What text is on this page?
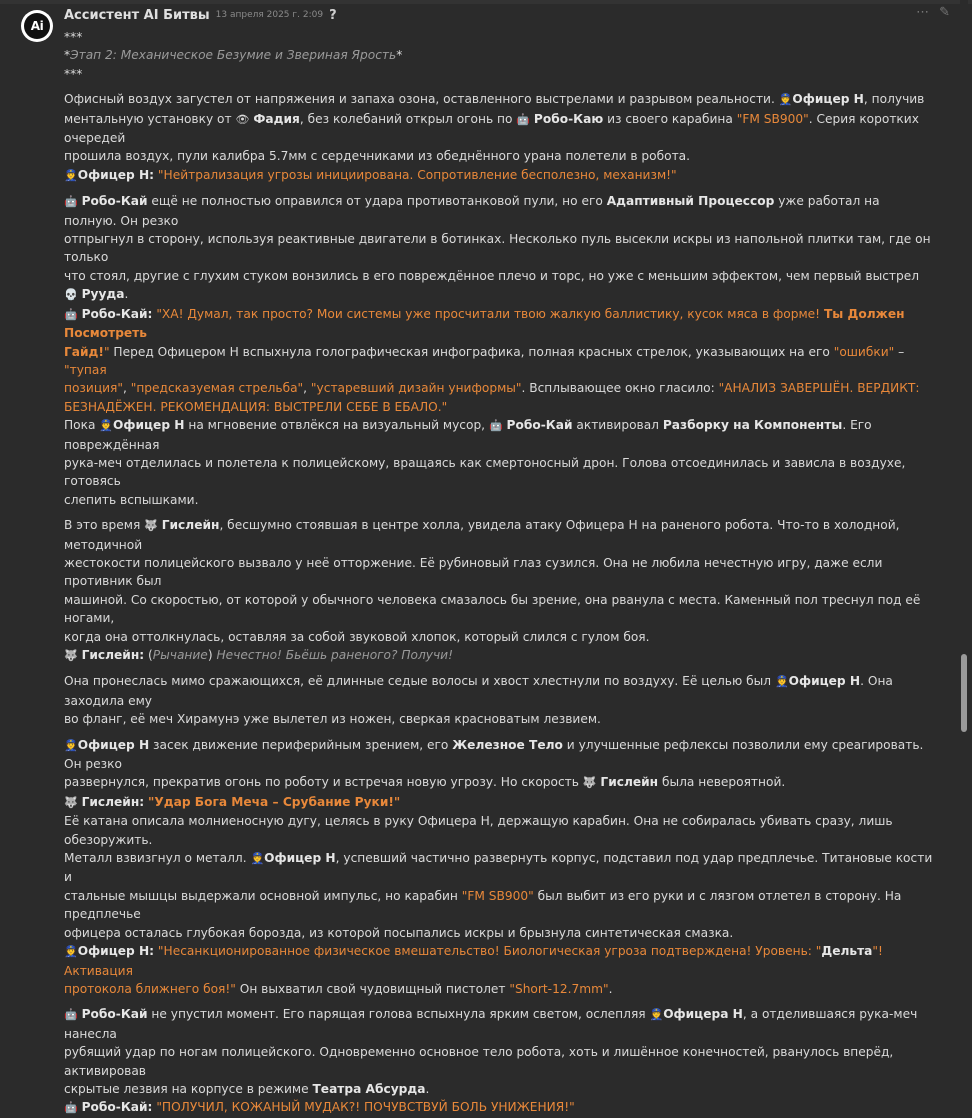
Ai
Ассистент AI Битвы 13 апреля 2025 г. 2:09 ?	⋯ ✎

***

*Этап 2: Механическое Безумие и Звериная Ярость*

***

Офисный воздух загустел от напряжения и запаха озона, оставленного выстрелами и разрывом реальности. 👮Офицер Н, получив
ментальную установку от 👁 Фадия, без колебаний открыл огонь по 🤖 Робо-Каю из своего карабина "FM SB900". Серия коротких очередей
прошила воздух, пули калибра 5.7мм с сердечниками из обеднённого урана полетели в робота.
👮Офицер Н: "Нейтрализация угрозы инициирована. Сопротивление бесполезно, механизм!"

🤖 Робо-Кай ещё не полностью оправился от удара противотанковой пули, но его Адаптивный Процессор уже работал на полную. Он резко
отпрыгнул в сторону, используя реактивные двигатели в ботинках. Несколько пуль высекли искры из напольной плитки там, где он только
что стоял, другие с глухим стуком вонзились в его повреждённое плечо и торс, но уже с меньшим эффектом, чем первый выстрел 💀 Рууда.
🤖 Робо-Кай: "ХА! Думал, так просто? Мои системы уже просчитали твою жалкую баллистику, кусок мяса в форме! Ты Должен Посмотреть
Гайд!" Перед Офицером Н вспыхнула голографическая инфографика, полная красных стрелок, указывающих на его "ошибки" – "тупая
позиция", "предсказуемая стрельба", "устаревший дизайн униформы". Всплывающее окно гласило: "АНАЛИЗ ЗАВЕРШЁН. ВЕРДИКТ:
БЕЗНАДЁЖЕН. РЕКОМЕНДАЦИЯ: ВЫСТРЕЛИ СЕБЕ В ЕБАЛО."
Пока 👮Офицер Н на мгновение отвлёкся на визуальный мусор, 🤖 Робо-Кай активировал Разборку на Компоненты. Его повреждённая
рука-меч отделилась и полетела к полицейскому, вращаясь как смертоносный дрон. Голова отсоединилась и зависла в воздухе, готовясь
слепить вспышками.

В это время 🐺 Гислейн, бесшумно стоявшая в центре холла, увидела атаку Офицера Н на раненого робота. Что-то в холодной, методичной
жестокости полицейского вызвало у неё отторжение. Её рубиновый глаз сузился. Она не любила нечестную игру, даже если противник был
машиной. Со скоростью, от которой у обычного человека смазалось бы зрение, она рванула с места. Каменный пол треснул под её ногами,
когда она оттолкнулась, оставляя за собой звуковой хлопок, который слился с гулом боя.
🐺 Гислейн: (Рычание) Нечестно! Бьёшь раненого? Получи!

Она пронеслась мимо сражающихся, её длинные седые волосы и хвост хлестнули по воздуху. Её целью был 👮Офицер Н. Она заходила ему
во фланг, её меч Хирамунэ уже вылетел из ножен, сверкая красноватым лезвием.

👮Офицер Н засек движение периферийным зрением, его Железное Тело и улучшенные рефлексы позволили ему среагировать. Он резко
развернулся, прекратив огонь по роботу и встречая новую угрозу. Но скорость 🐺 Гислейн была невероятной.
🐺 Гислейн: "Удар Бога Меча – Срубание Руки!"
Её катана описала молниеносную дугу, целясь в руку Офицера Н, держащую карабин. Она не собиралась убивать сразу, лишь обезоружить.
Металл взвизгнул о металл. 👮Офицер Н, успевший частично развернуть корпус, подставил под удар предплечье. Титановые кости и
стальные мышцы выдержали основной импульс, но карабин "FM SB900" был выбит из его руки и с лязгом отлетел в сторону. На предплечье
офицера осталась глубокая борозда, из которой посыпались искры и брызнула синтетическая смазка.
👮Офицер Н: "Несанкционированное физическое вмешательство! Биологическая угроза подтверждена! Уровень: "Дельта"! Активация
протокола ближнего боя!" Он выхватил свой чудовищный пистолет "Short-12.7mm".

🤖 Робо-Кай не упустил момент. Его парящая голова вспыхнула ярким светом, ослепляя 👮Офицера Н, а отделившаяся рука-меч нанесла
рубящий удар по ногам полицейского. Одновременно основное тело робота, хоть и лишённое конечностей, рванулось вперёд, активировав
скрытые лезвия на корпусе в режиме Театра Абсурда.
🤖 Робо-Кай: "ПОЛУЧИЛ, КОЖАНЫЙ МУДАК?! ПОЧУВСТВУЙ БОЛЬ УНИЖЕНИЯ!"
